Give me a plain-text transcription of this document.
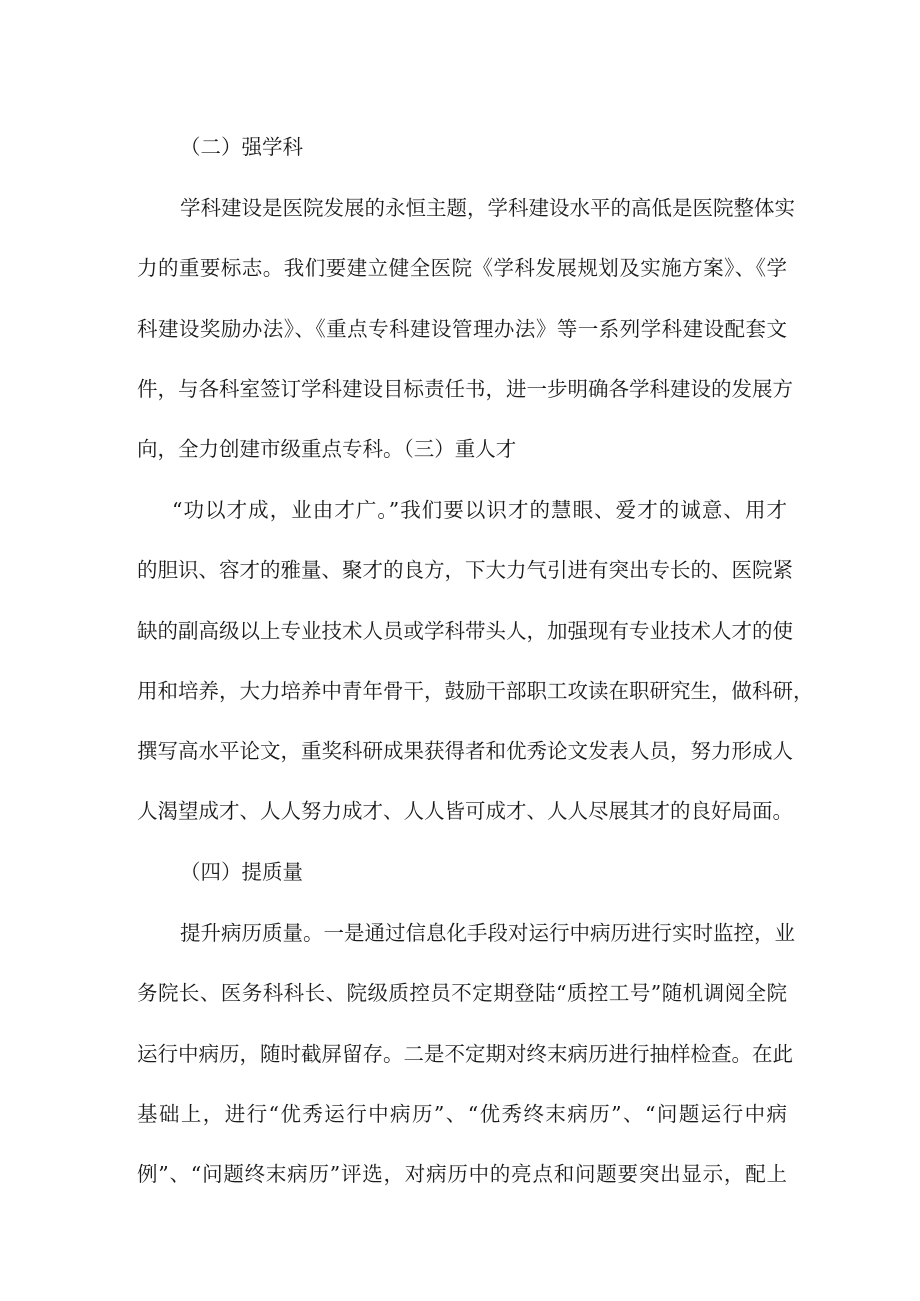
（二）强学科
学科建设是医院发展的永恒主题，学科建设水平的高低是医院整体实
力的重要标志。我们要建立健全医院《学科发展规划及实施方案》、《学
科建设奖励办法》、《重点专科建设管理办法》等一系列学科建设配套文
件，与各科室签订学科建设目标责任书，进一步明确各学科建设的发展方
向，全力创建市级重点专科。（三）重人才
“功以才成，业由才广。”我们要以识才的慧眼、爱才的诚意、用才
的胆识、容才的雅量、聚才的良方，下大力气引进有突出专长的、医院紧
缺的副高级以上专业技术人员或学科带头人，加强现有专业技术人才的使
用和培养，大力培养中青年骨干，鼓励干部职工攻读在职研究生，做科研，
撰写高水平论文，重奖科研成果获得者和优秀论文发表人员，努力形成人
人渴望成才、人人努力成才、人人皆可成才、人人尽展其才的良好局面。
（四）提质量
提升病历质量。一是通过信息化手段对运行中病历进行实时监控，业
务院长、医务科科长、院级质控员不定期登陆“质控工号”随机调阅全院
运行中病历，随时截屏留存。二是不定期对终末病历进行抽样检查。在此
基础上，进行“优秀运行中病历”、“优秀终末病历”、“问题运行中病
例”、“问题终末病历”评选，对病历中的亮点和问题要突出显示，配上
